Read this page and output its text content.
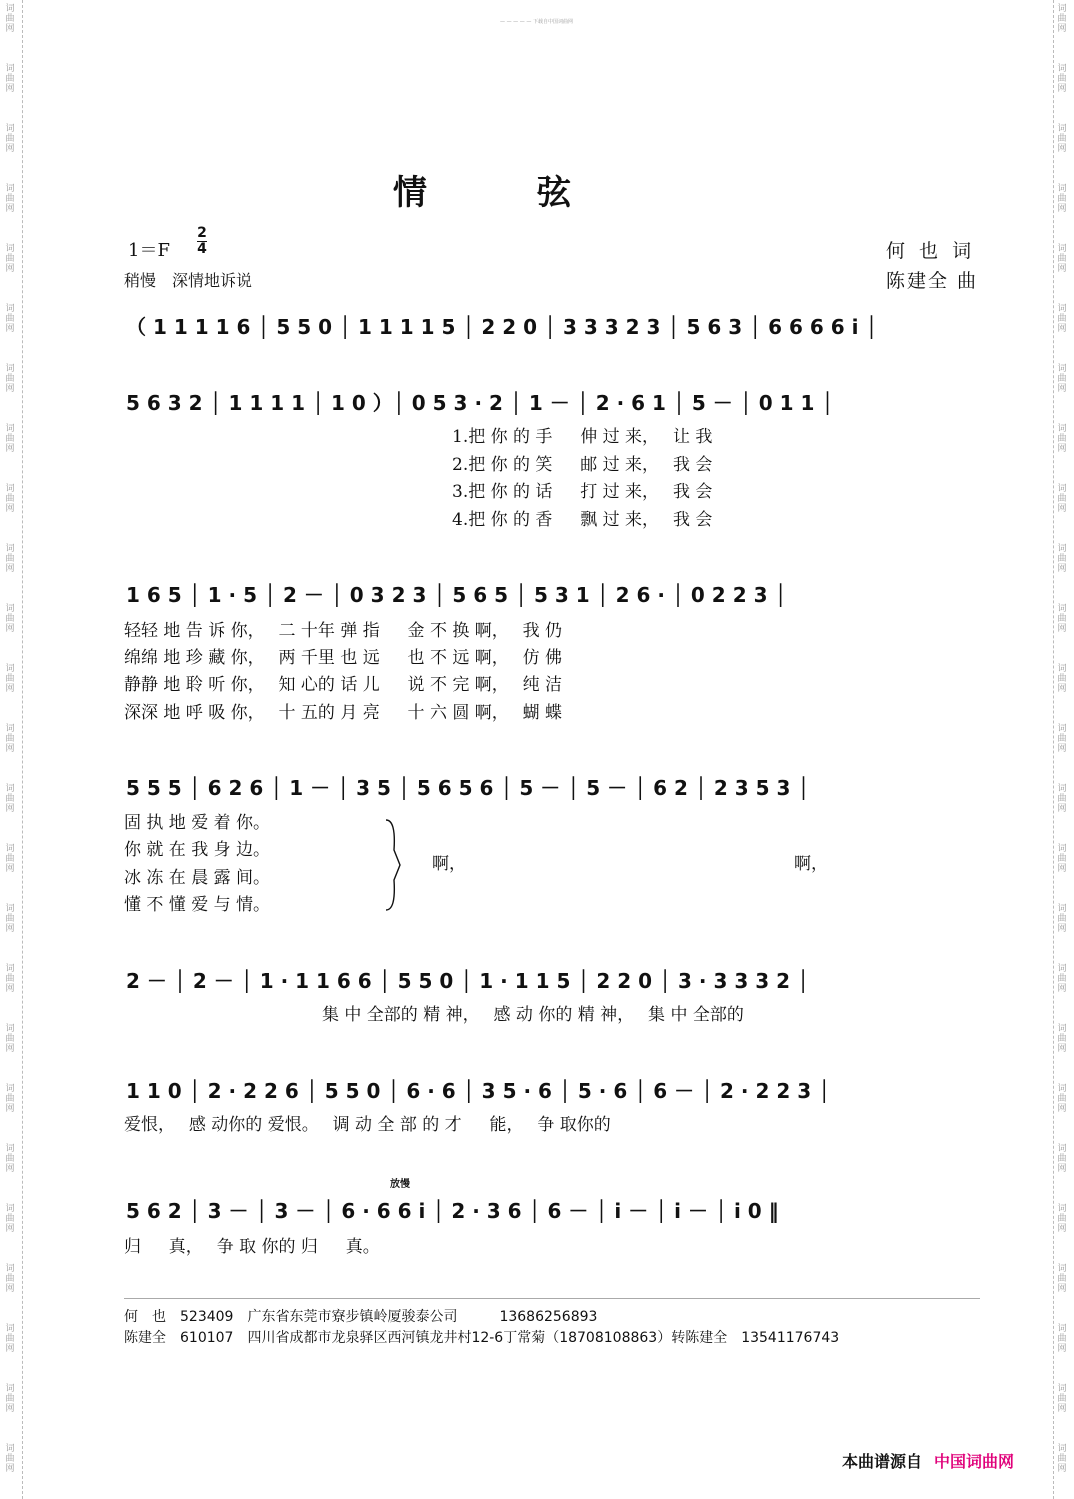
词
曲
网
词
曲
网
词
曲
网
词
曲
网
词
曲
网
词
曲
网
词
曲
网
词
曲
网
词
曲
网
词
曲
网
词
曲
网
词
曲
网
词
曲
网
词
曲
网
词
曲
网
词
曲
网
词
曲
网
词
曲
网
词
曲
网
词
曲
网
词
曲
网
词
曲
网
词
曲
网
词
曲
网
词
曲
网
词
曲
网
词
曲
网
词
曲
网
词
曲
网
词
曲
网
词
曲
网
词
曲
网
词
曲
网
词
曲
网
词
曲
网
词
曲
网
词
曲
网
词
曲
网
词
曲
网
词
曲
网
词
曲
网
词
曲
网
词
曲
网
词
曲
网
词
曲
网
词
曲
网
词
曲
网
词
曲
网
词
曲
网
词
曲
网
— — — — — 下载自中国词曲网
情弦
1＝F
2
4
稍慢　深情地诉说
何 也 词
陈建全 曲
（ 1 1 1 1 6 │ 5 5 0 │ 1 1 1 1 5 │ 2 2 0 │ 3 3 3 2 3 │ 5 6 3 │ 6 6 6 6 i │
5 6 3 2 │ 1 1 1 1 │ 1 0 ）│ 0 5 3 · 2 │ 1 － │ 2 · 6 1 │ 5 － │ 0 1 1 │
1.把 你 的 手 　 伸 过 来，　 让 我
2.把 你 的 笑 　 邮 过 来，　 我 会
3.把 你 的 话 　 打 过 来，　 我 会
4.把 你 的 香 　 飘 过 来，　 我 会
1 6 5 │ 1 · 5 │ 2 － │ 0 3 2 3 │ 5 6 5 │ 5 3 1 │ 2 6 · │ 0 2 2 3 │
轻轻 地 告 诉 你，　 二 十年 弹 指 　 金 不 换 啊，　 我 仍
绵绵 地 珍 藏 你，　 两 千里 也 远 　 也 不 远 啊，　 仿 佛
静静 地 聆 听 你，　 知 心的 话 儿 　 说 不 完 啊，　 纯 洁
深深 地 呼 吸 你，　 十 五的 月 亮 　 十 六 圆 啊，　 蝴 蝶
5 5 5 │ 6 2 6 │ 1 － │ 3 5 │ 5 6 5 6 │ 5 － │ 5 － │ 6 2 │ 2 3 5 3 │
固 执 地 爱 着 你。
你 就 在 我 身 边。
冰 冻 在 晨 露 间。
懂 不 懂 爱 与 情。
啊，	啊，
2 － │ 2 － │ 1 · 1 1 6 6 │ 5 5 0 │ 1 · 1 1 5 │ 2 2 0 │ 3 · 3 3 3 2 │
集 中 全部的 精 神，　 感 动 你的 精 神，　 集 中 全部的
1 1 0 │ 2 · 2 2 6 │ 5 5 0 │ 6 · 6 │ 3 5 · 6 │ 5 · 6 │ 6 － │ 2 · 2 2 3 │
爱恨，　 感 动你的 爱恨。　 调 动 全 部 的 才 　 能，　 争 取你的
放慢
5 6 2 │ 3 － │ 3 － │ 6 · 6 6 i │ 2 · 3 6 │ 6 － │ i － │ i － │ i 0 ‖
归 　 真，　 争 取 你的 归 　 真。
何　也　523409　广东省东莞市寮步镇岭厦骏泰公司　　　13686256893
陈建全　610107　四川省成都市龙泉驿区西河镇龙井村12-6丁常菊（18708108863）转陈建全　13541176743
本曲谱源自 中国词曲网
